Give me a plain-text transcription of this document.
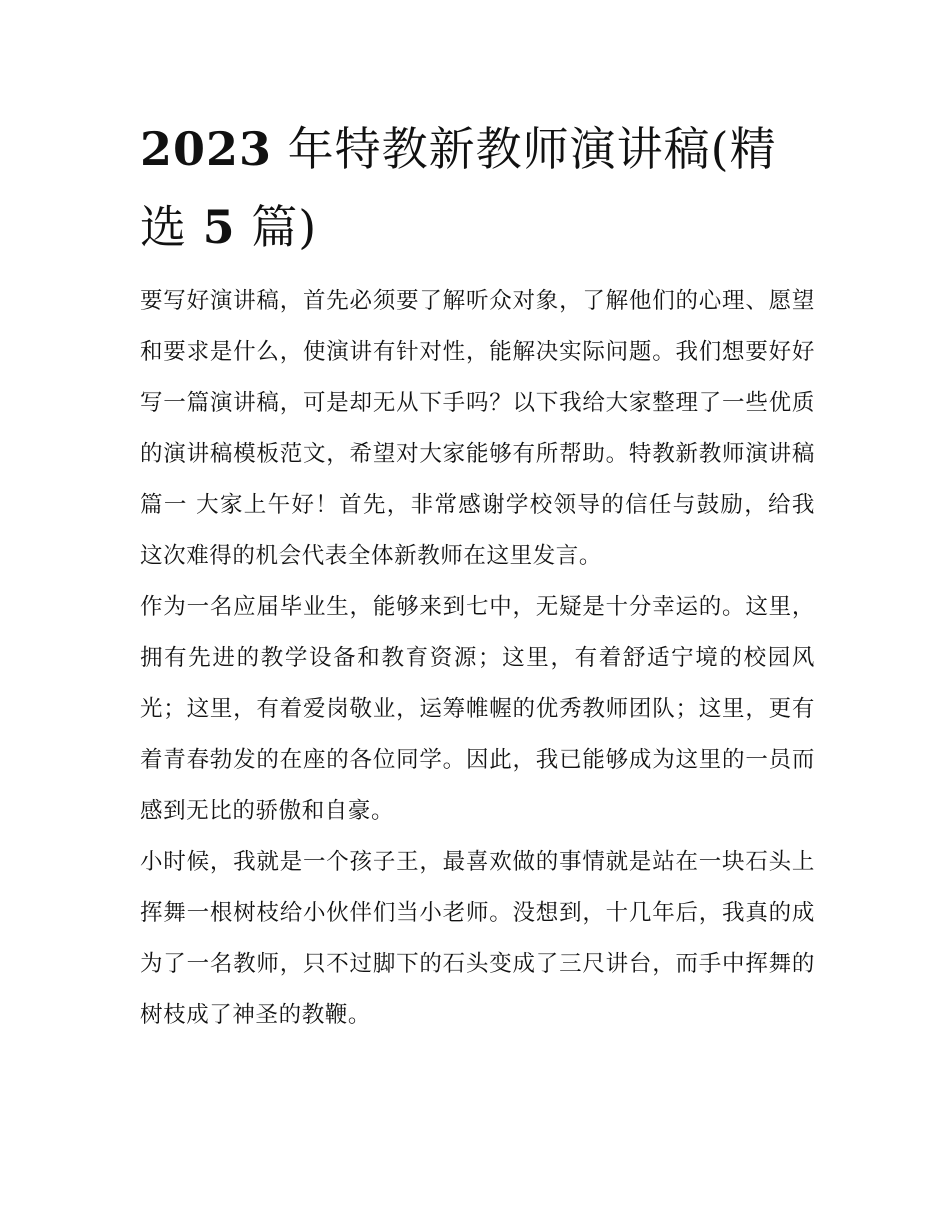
2023 年特教新教师演讲稿(精选 5 篇)

要写好演讲稿，首先必须要了解听众对象，了解他们的心理、愿望和要求是什么，使演讲有针对性，能解决实际问题。我们想要好好写一篇演讲稿，可是却无从下手吗？以下我给大家整理了一些优质的演讲稿模板范文，希望对大家能够有所帮助。特教新教师演讲稿篇一 大家上午好！首先，非常感谢学校领导的信任与鼓励，给我这次难得的机会代表全体新教师在这里发言。

作为一名应届毕业生，能够来到七中，无疑是十分幸运的。这里，拥有先进的教学设备和教育资源；这里，有着舒适宁境的校园风光；这里，有着爱岗敬业，运筹帷幄的优秀教师团队；这里，更有着青春勃发的在座的各位同学。因此，我已能够成为这里的一员而感到无比的骄傲和自豪。

小时候，我就是一个孩子王，最喜欢做的事情就是站在一块石头上挥舞一根树枝给小伙伴们当小老师。没想到，十几年后，我真的成为了一名教师，只不过脚下的石头变成了三尺讲台，而手中挥舞的树枝成了神圣的教鞭。
